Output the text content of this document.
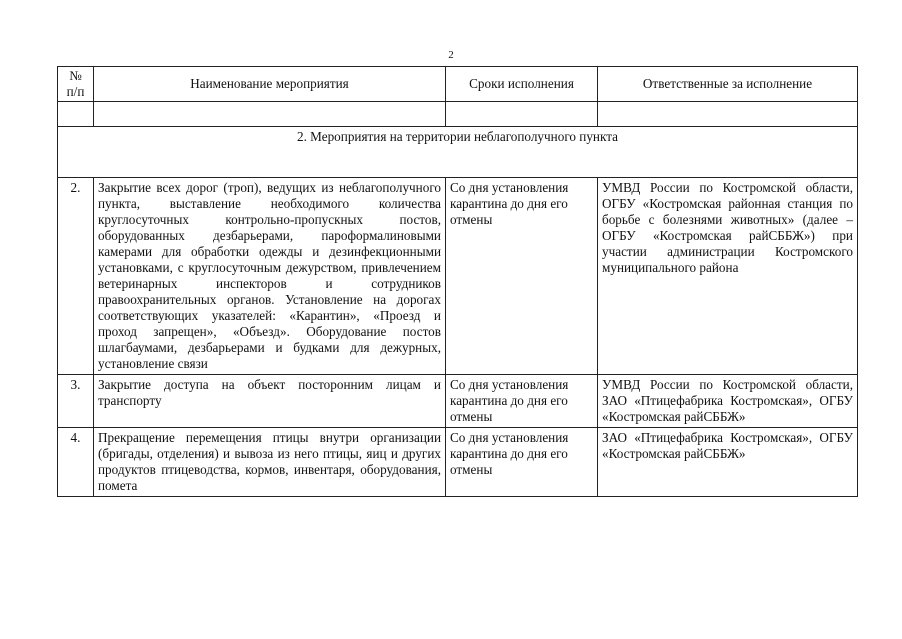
2
№ п/п	Наименование мероприятия	Сроки исполнения	Ответственные за исполнение

2. Мероприятия на территории неблагополучного пункта			
2.	Закрытие всех дорог (троп), ведущих из неблагополучного пункта, выставление необходимого количества круглосуточных контрольно-пропускных постов, оборудованных дезбарьерами, пароформалиновыми камерами для обработки одежды и дезинфекционными установками, с круглосуточным дежурством, привлечением ветеринарных инспекторов и сотрудников правоохранительных органов. Установление на дорогах соответствующих указателей: «Карантин», «Проезд и проход запрещен», «Объезд». Оборудование постов шлагбаумами, дезбарьерами и будками для дежурных, установление связи	Со дня установления карантина до дня его отмены	УМВД России по Костромской области, ОГБУ «Костромская районная станция по борьбе с болезнями животных» (далее – ОГБУ «Костромская райСББЖ») при участии администрации Костромского муниципального района
3.	Закрытие доступа на объект посторонним лицам и транспорту	Со дня установления карантина до дня его отмены	УМВД России по Костромской области, ЗАО «Птицефабрика Костромская», ОГБУ «Костромская райСББЖ»
4.	Прекращение перемещения птицы внутри организации (бригады, отделения) и вывоза из него птицы, яиц и других продуктов птицеводства, кормов, инвентаря, оборудования, помета	Со дня установления карантина до дня его отмены	ЗАО «Птицефабрика Костромская», ОГБУ «Костромская райСББЖ»
